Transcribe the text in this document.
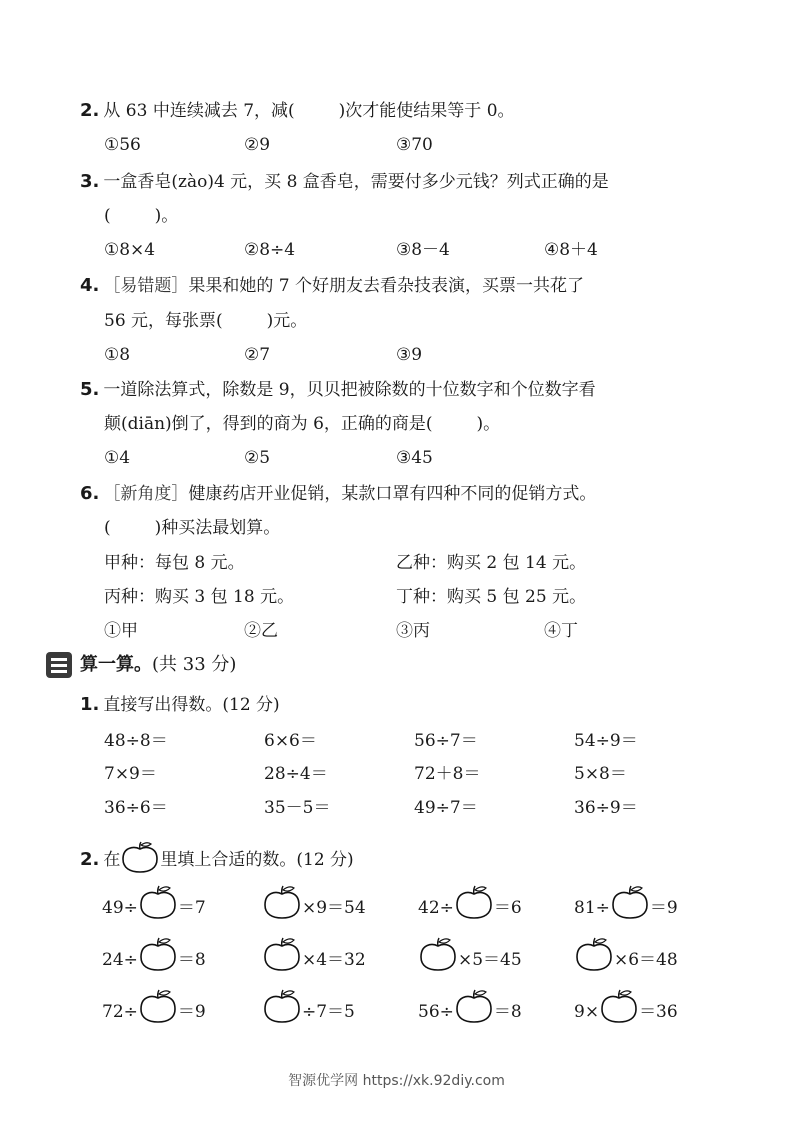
2. 从 63 中连续减去 7，减(	)次才能使结果等于 0。
①56	②9	③70
3. 一盒香皂(zào)4 元，买 8 盒香皂，需要付多少元钱？列式正确的是
(	)。
①8×4	②8÷4	③8－4	④8＋4
4. ［易错题］果果和她的 7 个好朋友去看杂技表演，买票一共花了
56 元，每张票(	)元。
①8	②7	③9
5. 一道除法算式，除数是 9，贝贝把被除数的十位数字和个位数字看
颠(diān)倒了，得到的商为 6，正确的商是(	)。
①4	②5	③45
6. ［新角度］健康药店开业促销，某款口罩有四种不同的促销方式。
(	)种买法最划算。
甲种：每包 8 元。	乙种：购买 2 包 14 元。
丙种：购买 3 包 18 元。	丁种：购买 5 包 25 元。
①甲	②乙	③丙	④丁
算一算。(共 33 分)
1. 直接写出得数。(12 分)
48÷8＝	6×6＝	56÷7＝	54÷9＝
7×9＝	28÷4＝	72＋8＝	5×8＝
36÷6＝	35－5＝	49÷7＝	36÷9＝
2. 在 里填上合适的数。(12 分)
49÷ ＝7	×9＝54	42÷ ＝6	81÷ ＝9
24÷ ＝8	×4＝32	×5＝45	×6＝48
72÷ ＝9	÷7＝5	56÷ ＝8	9× ＝36
智源优学网 https://xk.92diy.com
